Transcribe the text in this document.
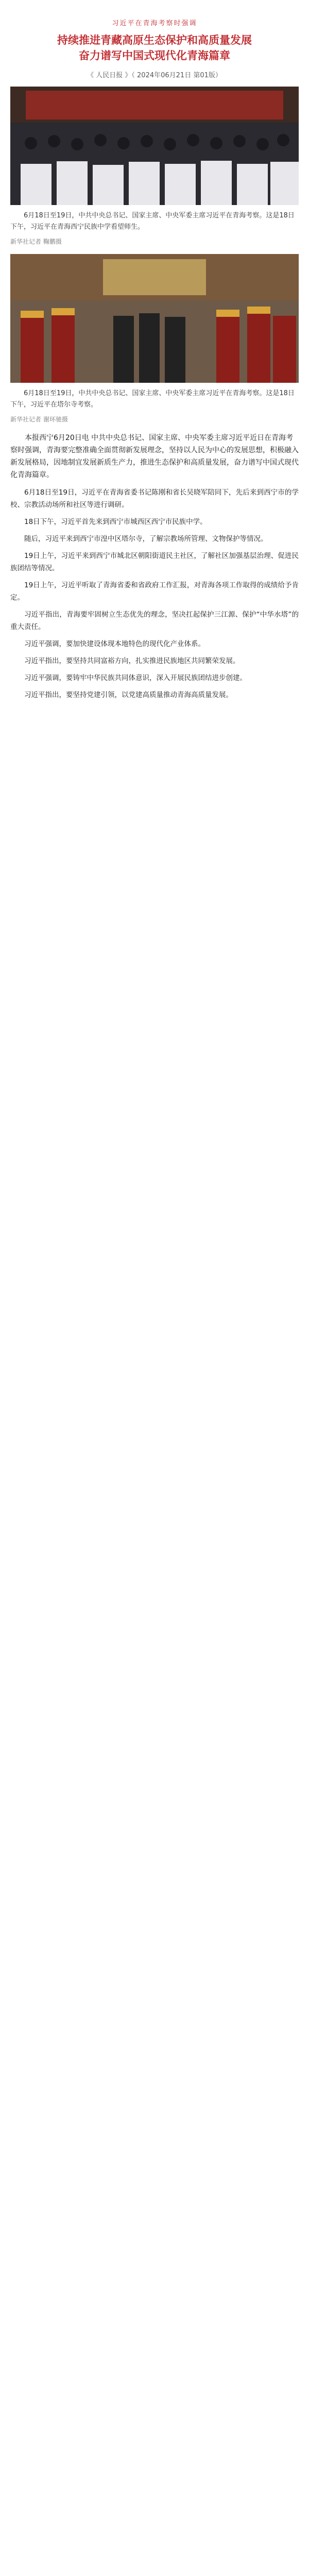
习近平在青海考察时强调
持续推进青藏高原生态保护和高质量发展
奋力谱写中国式现代化青海篇章
《 人民日报 》（ 2024年06月21日 第01版）

6月18日至19日，中共中央总书记、国家主席、中央军委主席习近平在青海考察。这是18日下午，习近平在青海西宁民族中学看望师生。

新华社记者 鞠鹏摄

6月18日至19日，中共中央总书记、国家主席、中央军委主席习近平在青海考察。这是18日下午，习近平在塔尔寺考察。

新华社记者 谢环驰摄

本报西宁6月20日电 中共中央总书记、国家主席、中央军委主席习近平近日在青海考察时强调，青海要完整准确全面贯彻新发展理念，坚持以人民为中心的发展思想，积极融入新发展格局，因地制宜发展新质生产力，推进生态保护和高质量发展，奋力谱写中国式现代化青海篇章。

6月18日至19日，习近平在青海省委书记陈刚和省长吴晓军陪同下，先后来到西宁市的学校、宗教活动场所和社区等进行调研。

18日下午，习近平首先来到西宁市城西区西宁市民族中学。

随后，习近平来到西宁市湟中区塔尔寺，了解宗教场所管理、文物保护等情况。

19日上午，习近平来到西宁市城北区朝阳街道民主社区，了解社区加强基层治理、促进民族团结等情况。

19日上午，习近平听取了青海省委和省政府工作汇报，对青海各项工作取得的成绩给予肯定。

习近平指出，青海要牢固树立生态优先的理念，坚决扛起保护三江源、保护“中华水塔”的重大责任。

习近平强调，要加快建设体现本地特色的现代化产业体系。

习近平指出，要坚持共同富裕方向，扎实推进民族地区共同繁荣发展。

习近平强调，要铸牢中华民族共同体意识，深入开展民族团结进步创建。

习近平指出，要坚持党建引领，以党建高质量推动青海高质量发展。
